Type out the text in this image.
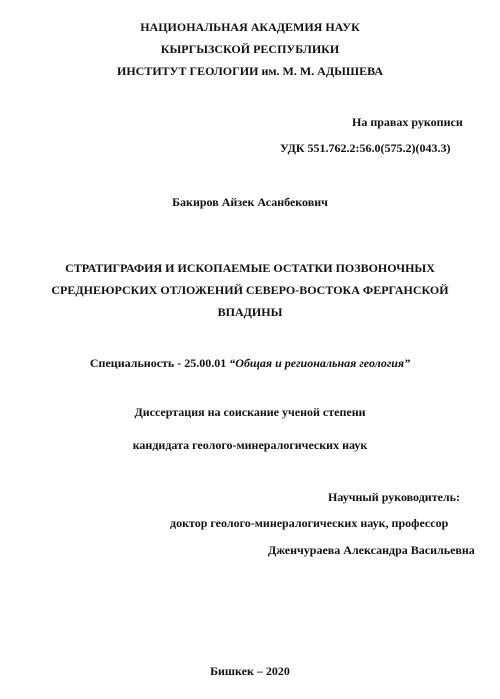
НАЦИОНАЛЬНАЯ АКАДЕМИЯ НАУК
КЫРГЫЗСКОЙ РЕСПУБЛИКИ
ИНСТИТУТ ГЕОЛОГИИ им. М. М. АДЫШЕВА
На правах рукописи
УДК 551.762.2:56.0(575.2)(043.3)
Бакиров Айзек Асанбекович
СТРАТИГРАФИЯ И ИСКОПАЕМЫЕ ОСТАТКИ ПОЗВОНОЧНЫХ
СРЕДНЕЮРСКИХ ОТЛОЖЕНИЙ СЕВЕРО-ВОСТОКА ФЕРГАНСКОЙ
ВПАДИНЫ
Специальность - 25.00.01 “Общая и региональная геология”
Диссертация на соискание ученой степени
кандидата геолого-минералогических наук
Научный руководитель:
доктор геолого-минералогических наук, профессор
Дженчураева Александра Васильевна
Бишкек – 2020
